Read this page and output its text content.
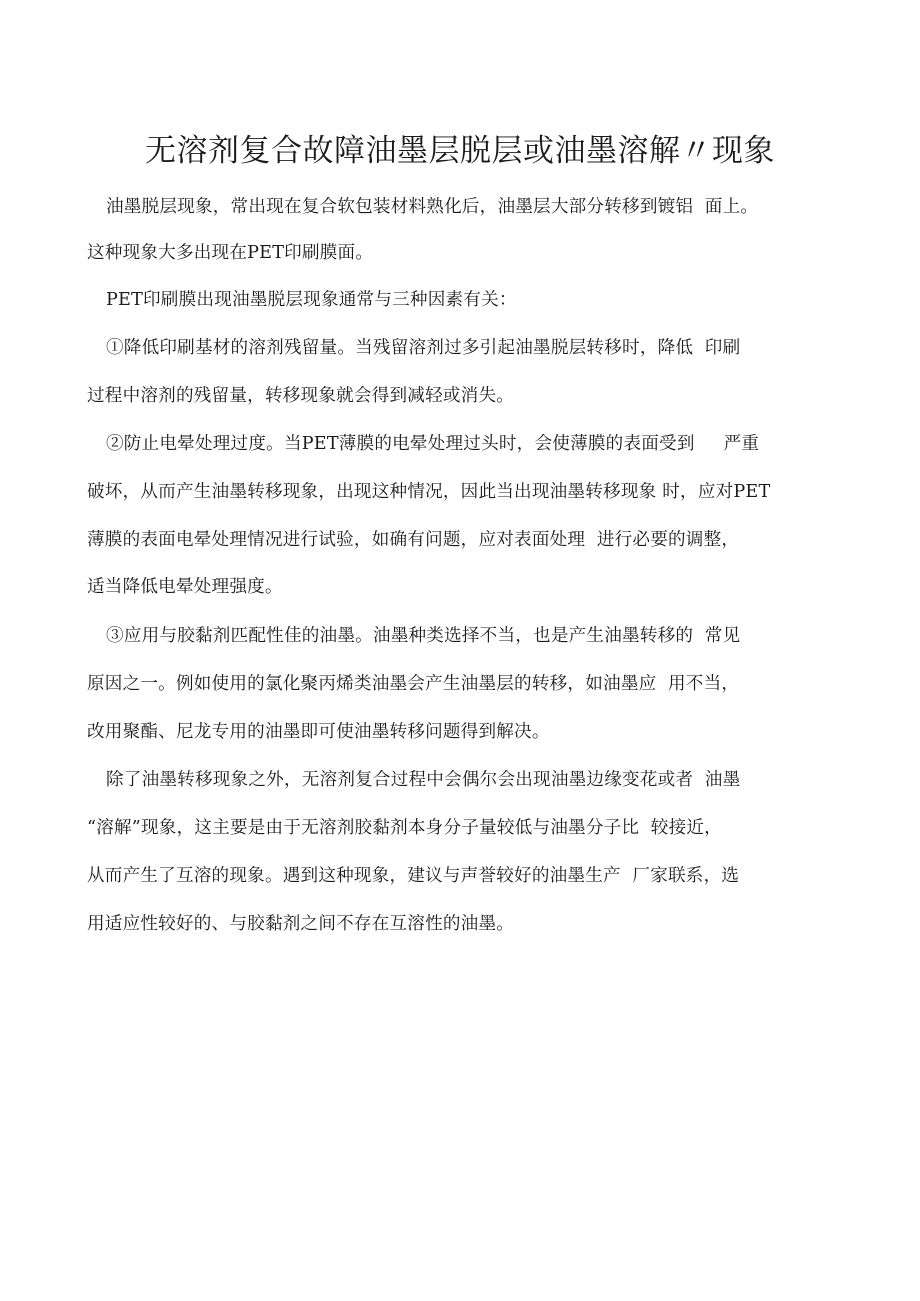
无溶剂复合故障油墨层脱层或油墨溶解〃现象

油墨脱层现象，常出现在复合软包装材料熟化后，油墨层大部分转移到镀铝  面上。

这种现象大多出现在PET印刷膜面。

PET印刷膜出现油墨脱层现象通常与三种因素有关：

①降低印刷基材的溶剂残留量。当残留溶剂过多引起油墨脱层转移时，降低  印刷

过程中溶剂的残留量，转移现象就会得到减轻或消失。

②防止电晕处理过度。当PET薄膜的电晕处理过头时，会使薄膜的表面受到     严重

破坏，从而产生油墨转移现象，出现这种情况，因此当出现油墨转移现象 时，应对PET

薄膜的表面电晕处理情况进行试验，如确有问题，应对表面处理  进行必要的调整，

适当降低电晕处理强度。

③应用与胶黏剂匹配性佳的油墨。油墨种类选择不当，也是产生油墨转移的  常见

原因之一。例如使用的氯化聚丙烯类油墨会产生油墨层的转移，如油墨应  用不当，

改用聚酯、尼龙专用的油墨即可使油墨转移问题得到解决。

除了油墨转移现象之外，无溶剂复合过程中会偶尔会出现油墨边缘变花或者  油墨

“溶解”现象，这主要是由于无溶剂胶黏剂本身分子量较低与油墨分子比  较接近，

从而产生了互溶的现象。遇到这种现象，建议与声誉较好的油墨生产  厂家联系，选

用适应性较好的、与胶黏剂之间不存在互溶性的油墨。
